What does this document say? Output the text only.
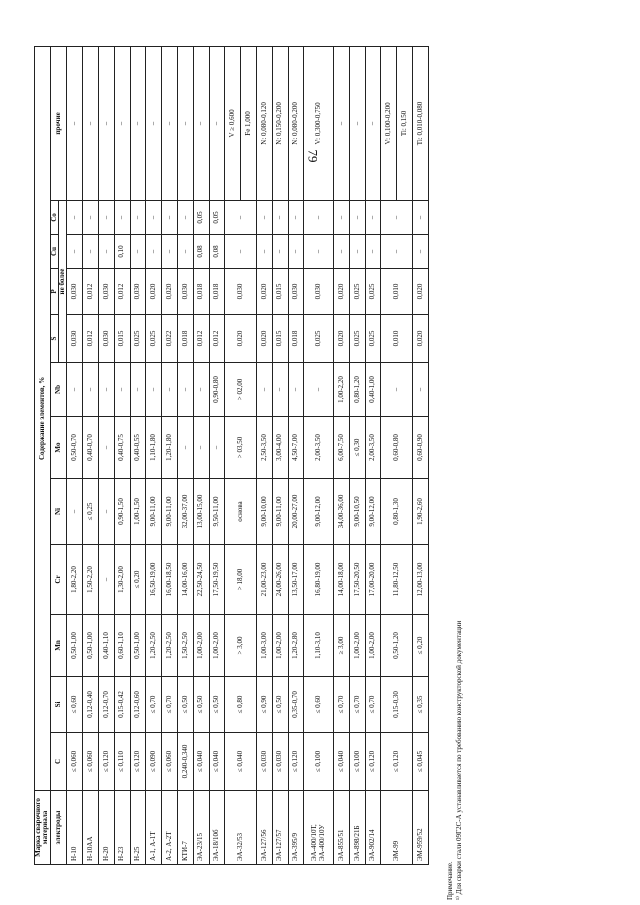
79
Марка сварочного материала	Содержание элементов, %											
электроды	C	Si	Mn	Cr	Ni	Mo	Nb	S	P	Cu	Co	прочие
								не более				
Н-10	≤ 0,060	≤ 0,60	0,50-1,00	1,80-2,20	–	0,50-0,70	–	0,030	0,030	–	–	–
Н-10АА	≤ 0,060	0,12-0,40	0,50-1,00	1,50-2,20	≤ 0,25	0,40-0,70	–	0,012	0,012	–	–	–
Н-20	≤ 0,120	0,12-0,70	0,40-1,10	–	–	–	–	0,030	0,030	–	–	–
Н-23	≤ 0,110	0,15-0,42	0,60-1,10	1,30-2,00	0,90-1,50	0,40-0,75	–	0,015	0,012	0,10	–	–
Н-25	≤ 0,120	0,12-0,60	0,50-1,00	≤ 0,20	1,00-1,50	0,40-0,55	–	0,025	0,030	–	–	–
А-1, А-1Т	≤ 0,090	≤ 0,70	1,20-2,50	16,50-19,00	9,00-11,00	1,10-1,80	–	0,025	0,020	–	–	–
А-2, А-2Т	≤ 0,060	≤ 0,70	1,20-2,50	16,00-18,50	9,00-11,00	1,20-1,80	–	0,022	0,020	–	–	–
КТИ-7	0,240-0,340	≤ 0,50	1,50-2,50	14,00-16,00	32,00-37,00	–	–	0,018	0,030	–	–	–
ЭА-23/15	≤ 0,040	≤ 0,50	1,00-2,00	22,50-24,50	13,00-15,00	–	–	0,012	0,018	0,08	0,05	–
ЭА-18/10б	≤ 0,040	≤ 0,50	1,00-2,00	17,50-19,50	9,50-11,00	–	0,90-0,80	0,012	0,018	0,08	0,05	–
ЭА-32/53	≤ 0,040	≤ 0,80	> 3,00	> 18,00	основа	> 03,50	> 02,00	0,020	0,030	–	–	V ≥ 0,600
												Fe 1,000
ЭА-127/56	≤ 0,030	≤ 0,90	1,00-3,00	21,00-23,00	9,00-10,00	2,50-3,50	–	0,020	0,020	–	–	N: 0,080-0,120
ЭА-127/57	≤ 0,030	≤ 0,50	1,00-2,00	24,00-26,00	9,00-11,00	3,00-4,00	–	0,015	0,015	–	–	N: 0,150-0,200
ЭА-395/9	≤ 0,120	0,35-0,70	1,20-2,80	13,50-17,00	20,00-27,00	4,50-7,00	–	0,018	0,030	–	–	N: 0,080-0,200
ЭА-400/10Т, ЭА-400/10У	≤ 0,100	≤ 0,60	1,10-3,10	16,80-19,00	9,00-12,00	2,00-3,50	–	0,025	0,030	–	–	V: 0,300-0,750
ЭА-855/51	≤ 0,040	≤ 0,70	≥ 3,00	14,00-18,00	34,00-36,00	6,00-7,50	1,00-2,20	0,020	0,020	–	–	–
ЭА-898/21Б	≤ 0,100	≤ 0,70	1,00-2,00	17,50-20,50	9,00-10,50	≤ 0,30	0,80-1,20	0,025	0,025	–	–	–
ЭА-902/14	≤ 0,120	≤ 0,70	1,00-2,00	17,00-20,00	9,00-12,00	2,00-3,50	0,40-1,00	0,025	0,025	–	–	–
ЭМ-99	≤ 0,120	0,15-0,30	0,50-1,20	11,80-12,50	0,80-1,30	0,60-0,80	–	0,010	0,010	–	–	V: 0,100-0,200
												Ti: 0,150
ЭМ-959/52	≤ 0,045	≤ 0,35	≤ 0,20	12,00-13,00	1,90-2,60	0,60-0,90	–	0,020	0,020	–	–	Ti: 0,010-0,080
Примечание. ¹⁾ Для сварки стали 09Г2С-А устанавливается по требованию конструкторской документации
